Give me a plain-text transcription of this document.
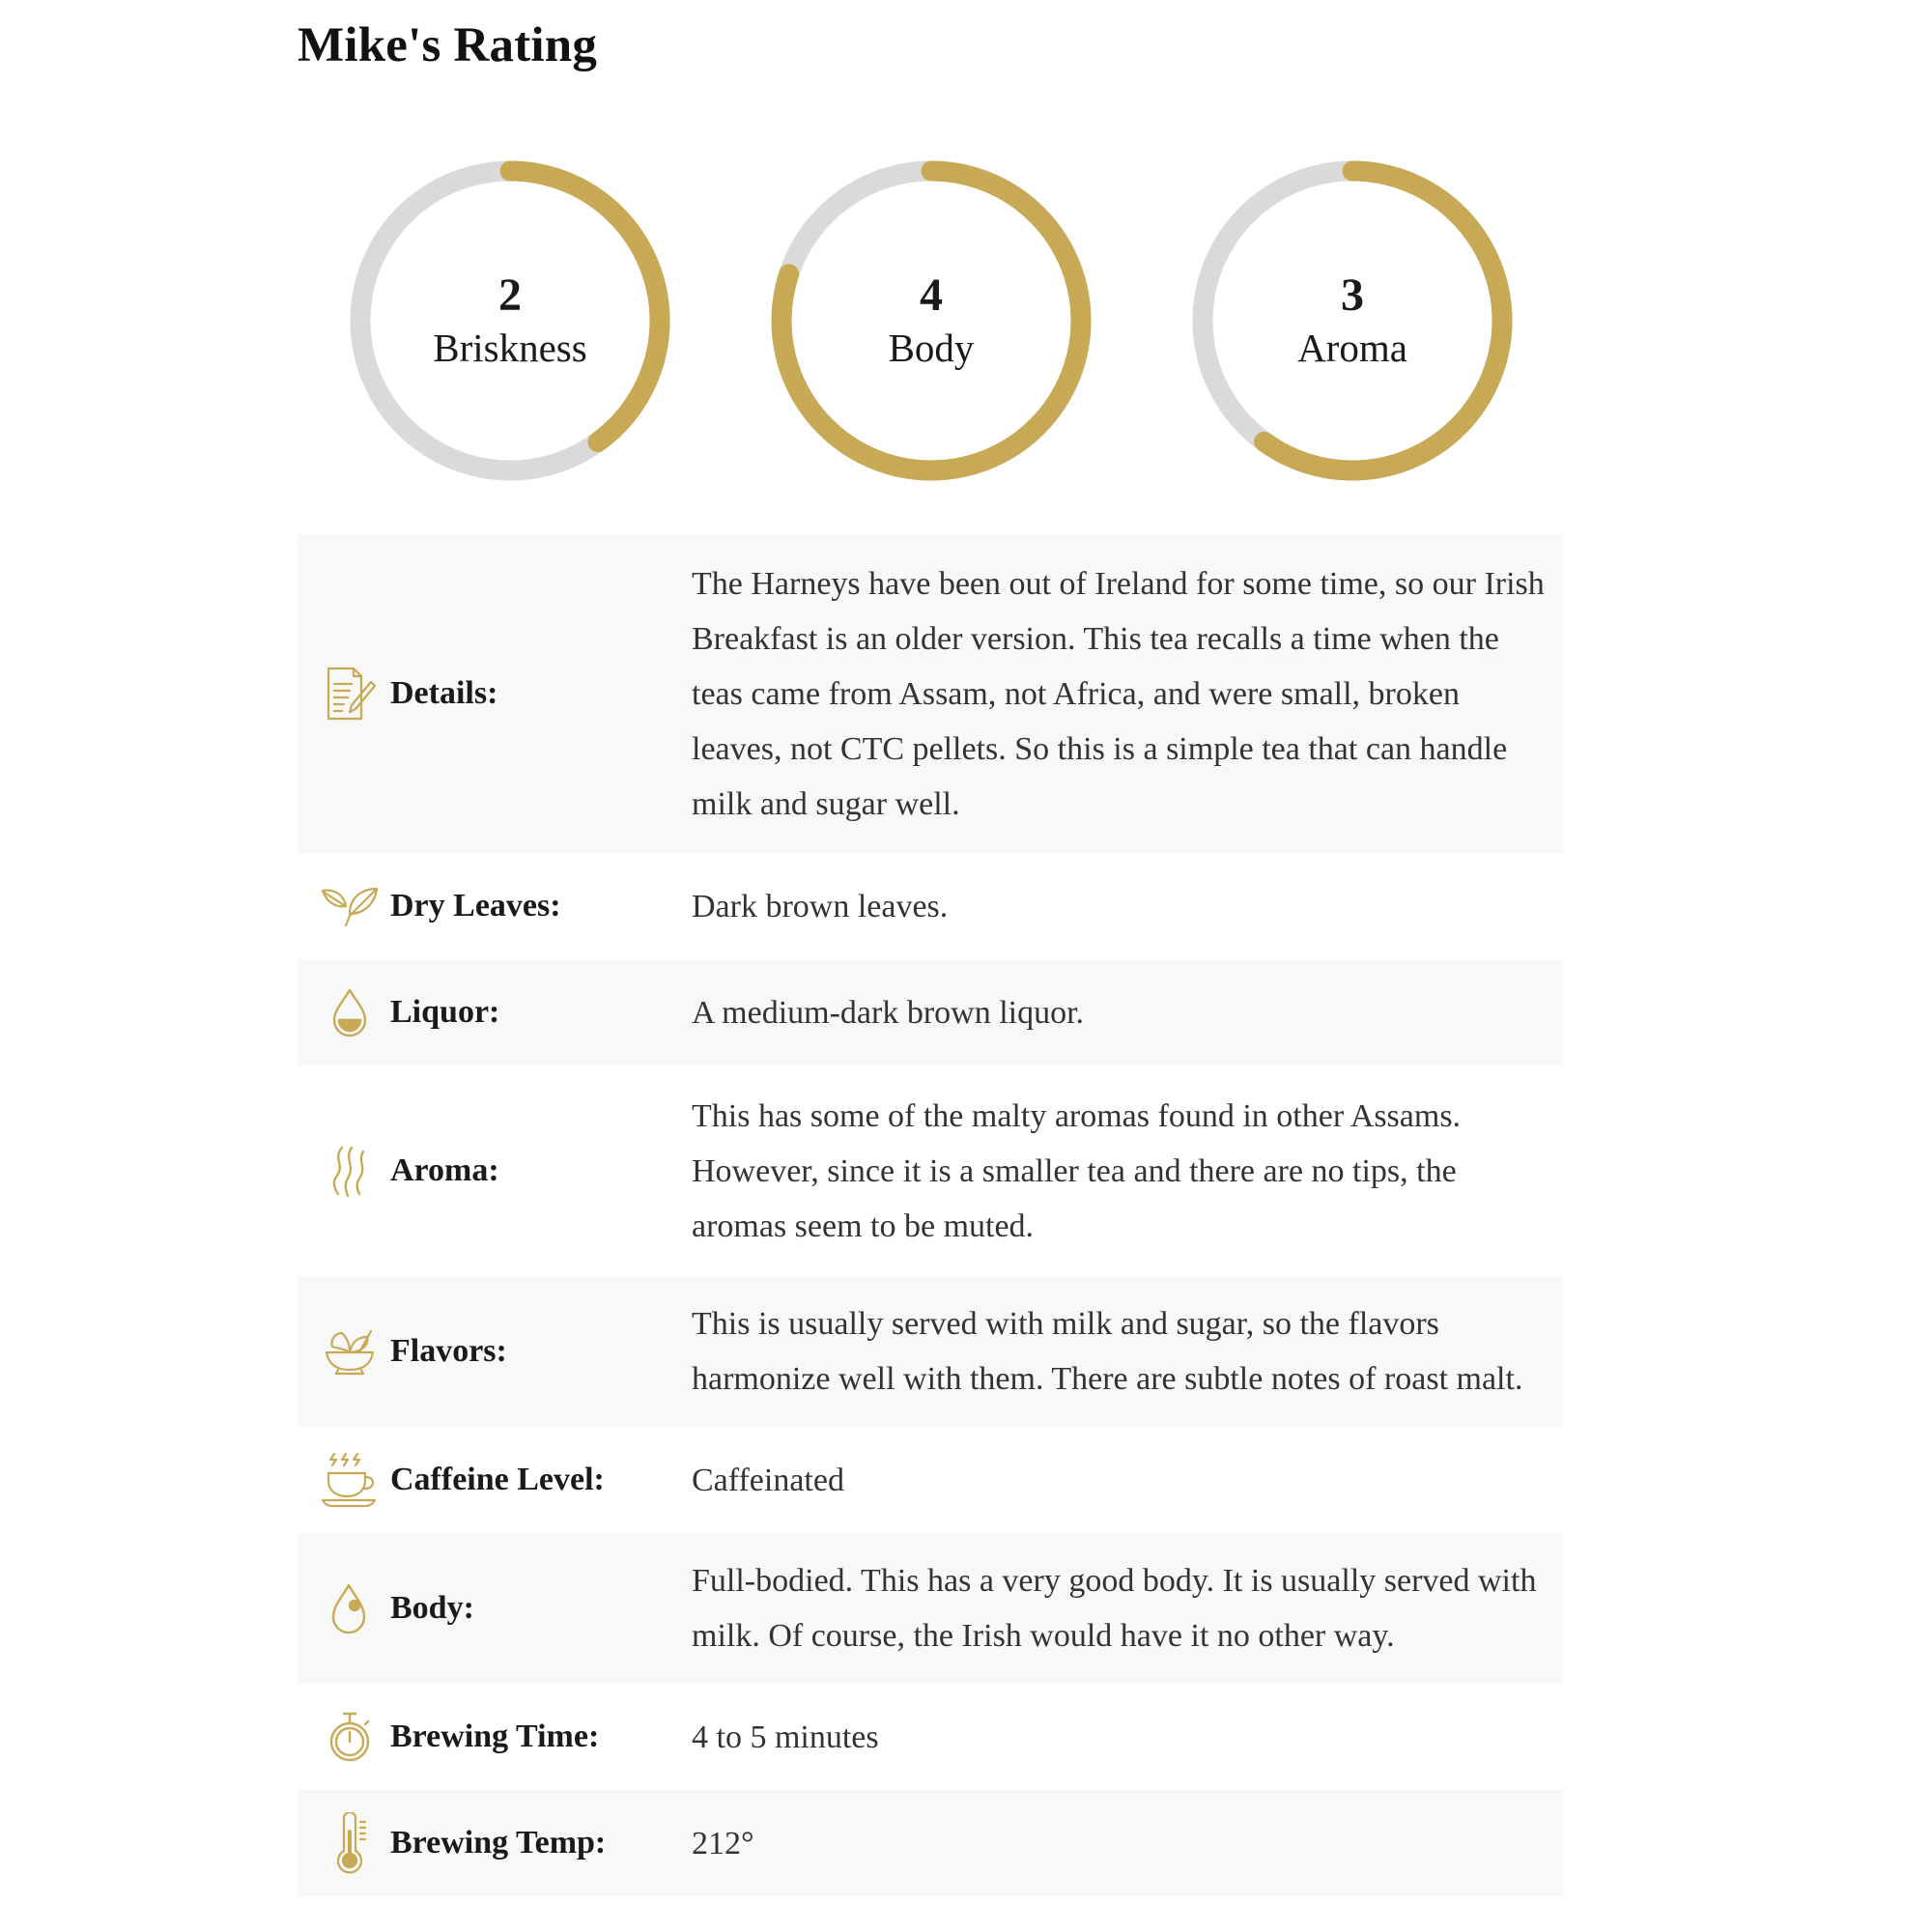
Mike's Rating
2
Briskness
4
Body
3
Aroma
Details:
The Harneys have been out of Ireland for some time, so our Irish Breakfast is an older version. This tea recalls a time when the teas came from Assam, not Africa, and were small, broken leaves, not CTC pellets. So this is a simple tea that can handle milk and sugar well.
Dry Leaves:	Dark brown leaves.
Liquor:	A medium-dark brown liquor.
Aroma:
This has some of the malty aromas found in other Assams. However, since it is a smaller tea and there are no tips, the aromas seem to be muted.
Flavors:
This is usually served with milk and sugar, so the flavors harmonize well with them. There are subtle notes of roast malt.
Caffeine Level:	Caffeinated
Body:
Full-bodied. This has a very good body. It is usually served with milk. Of course, the Irish would have it no other way.
Brewing Time:	4 to 5 minutes
Brewing Temp:	212°
